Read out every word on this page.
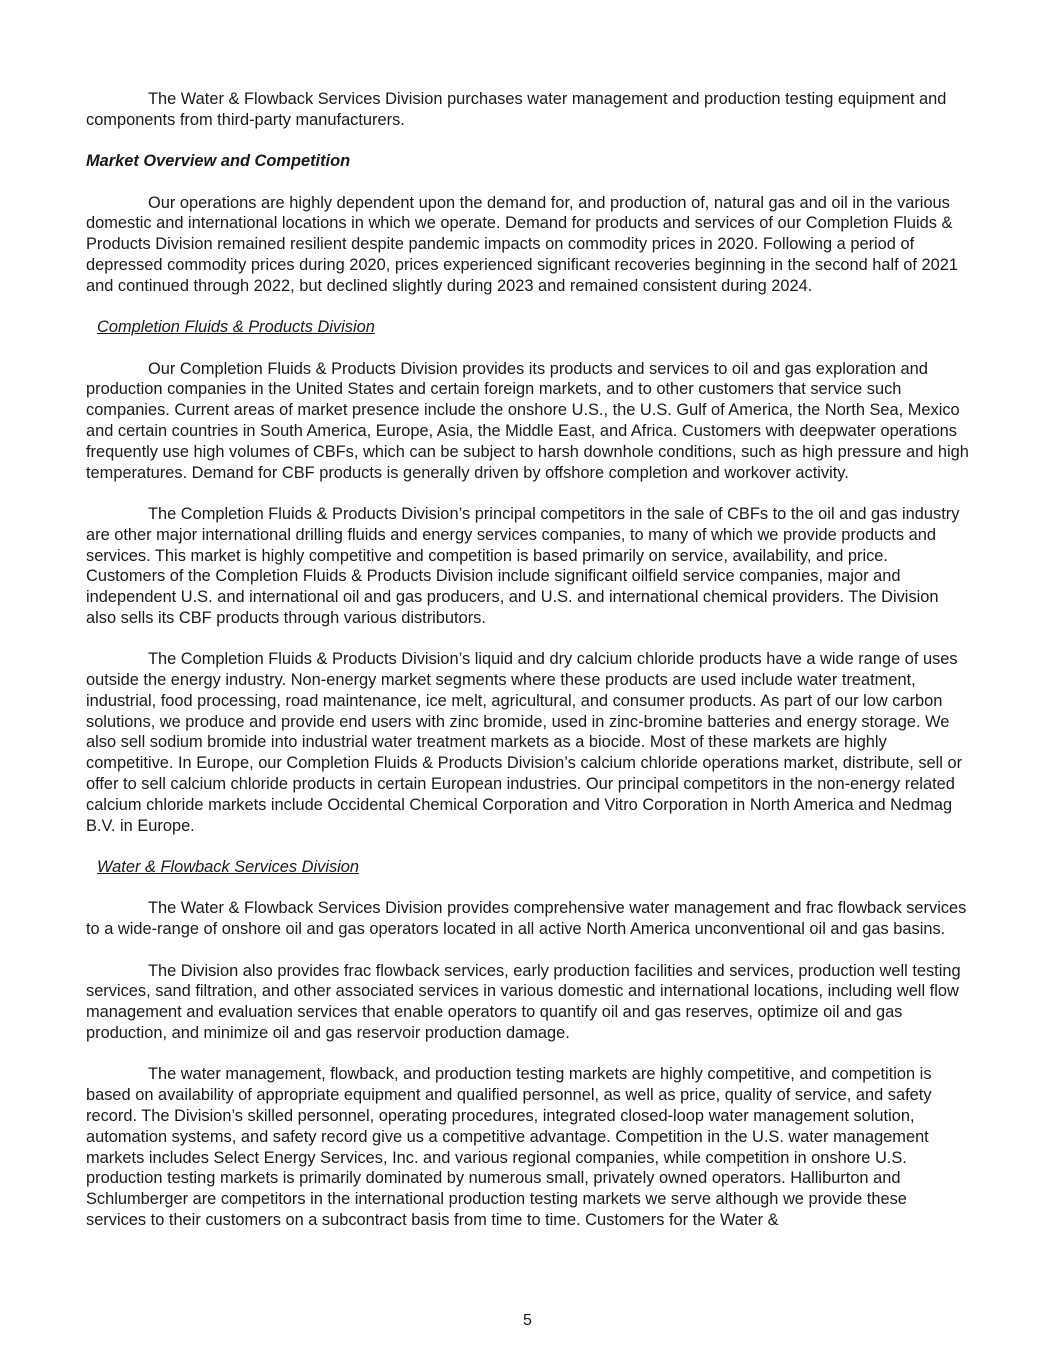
The Water & Flowback Services Division purchases water management and production testing equipment and components from third-party manufacturers.

Market Overview and Competition

Our operations are highly dependent upon the demand for, and production of, natural gas and oil in the various domestic and international locations in which we operate. Demand for products and services of our Completion Fluids & Products Division remained resilient despite pandemic impacts on commodity prices in 2020. Following a period of depressed commodity prices during 2020, prices experienced significant recoveries beginning in the second half of 2021 and continued through 2022, but declined slightly during 2023 and remained consistent during 2024.

Completion Fluids & Products Division

Our Completion Fluids & Products Division provides its products and services to oil and gas exploration and production companies in the United States and certain foreign markets, and to other customers that service such companies. Current areas of market presence include the onshore U.S., the U.S. Gulf of America, the North Sea, Mexico and certain countries in South America, Europe, Asia, the Middle East, and Africa. Customers with deepwater operations frequently use high volumes of CBFs, which can be subject to harsh downhole conditions, such as high pressure and high temperatures. Demand for CBF products is generally driven by offshore completion and workover activity.

The Completion Fluids & Products Division’s principal competitors in the sale of CBFs to the oil and gas industry are other major international drilling fluids and energy services companies, to many of which we provide products and services. This market is highly competitive and competition is based primarily on service, availability, and price. Customers of the Completion Fluids & Products Division include significant oilfield service companies, major and independent U.S. and international oil and gas producers, and U.S. and international chemical providers. The Division also sells its CBF products through various distributors.

The Completion Fluids & Products Division’s liquid and dry calcium chloride products have a wide range of uses outside the energy industry. Non-energy market segments where these products are used include water treatment, industrial, food processing, road maintenance, ice melt, agricultural, and consumer products. As part of our low carbon solutions, we produce and provide end users with zinc bromide, used in zinc-bromine batteries and energy storage. We also sell sodium bromide into industrial water treatment markets as a biocide. Most of these markets are highly competitive. In Europe, our Completion Fluids & Products Division’s calcium chloride operations market, distribute, sell or offer to sell calcium chloride products in certain European industries. Our principal competitors in the non-energy related calcium chloride markets include Occidental Chemical Corporation and Vitro Corporation in North America and Nedmag B.V. in Europe.

Water & Flowback Services Division

The Water & Flowback Services Division provides comprehensive water management and frac flowback services to a wide-range of onshore oil and gas operators located in all active North America unconventional oil and gas basins.

The Division also provides frac flowback services, early production facilities and services, production well testing services, sand filtration, and other associated services in various domestic and international locations, including well flow management and evaluation services that enable operators to quantify oil and gas reserves, optimize oil and gas production, and minimize oil and gas reservoir production damage.

The water management, flowback, and production testing markets are highly competitive, and competition is based on availability of appropriate equipment and qualified personnel, as well as price, quality of service, and safety record. The Division’s skilled personnel, operating procedures, integrated closed-loop water management solution, automation systems, and safety record give us a competitive advantage. Competition in the U.S. water management markets includes Select Energy Services, Inc. and various regional companies, while competition in onshore U.S. production testing markets is primarily dominated by numerous small, privately owned operators. Halliburton and Schlumberger are competitors in the international production testing markets we serve although we provide these services to their customers on a subcontract basis from time to time. Customers for the Water &

5
